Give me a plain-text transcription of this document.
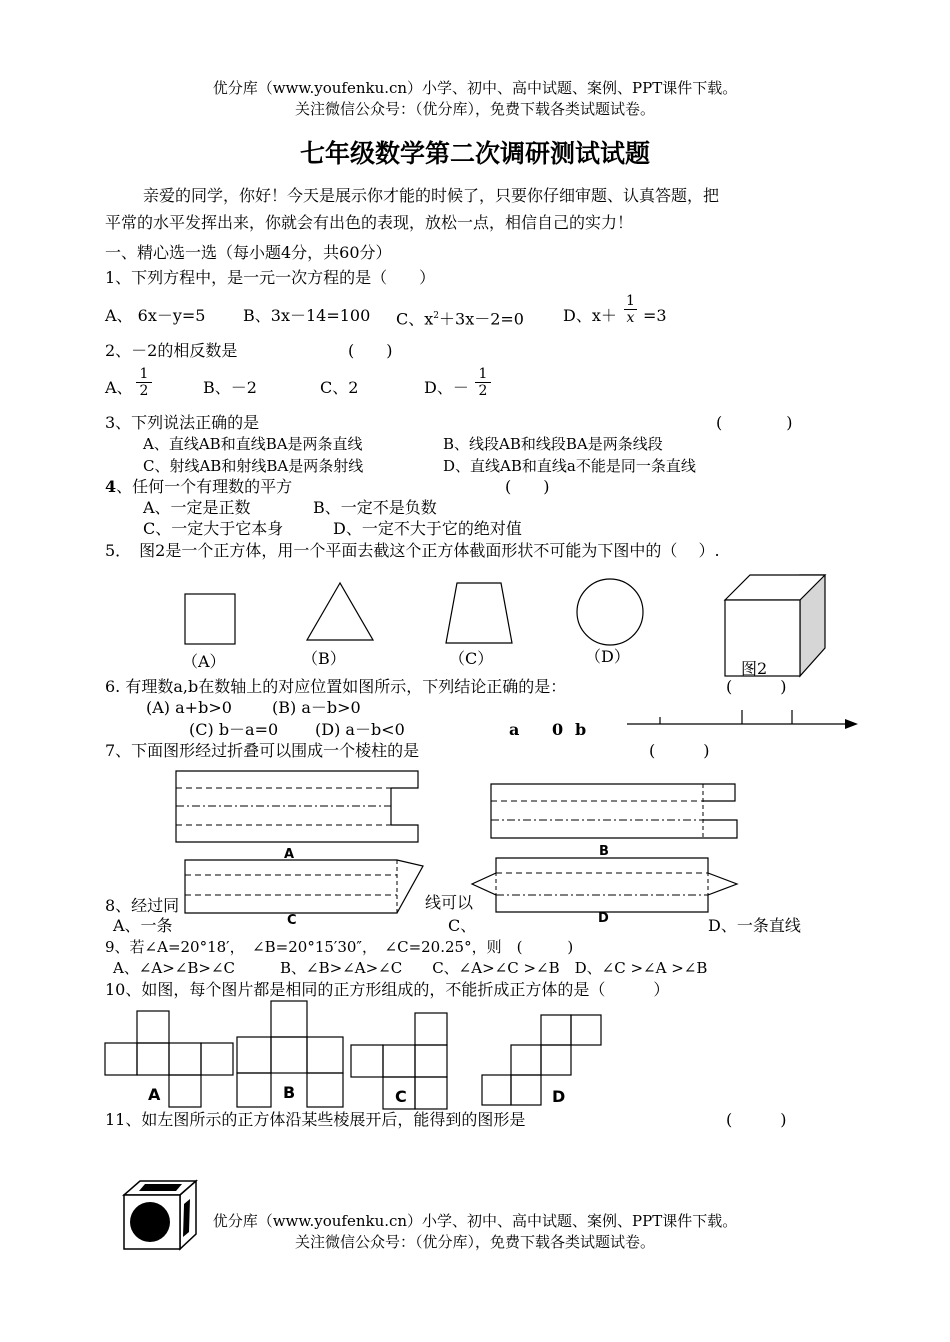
优分库（www.youfenku.cn）小学、初中、高中试题、案例、PPT课件下载。
关注微信公众号：（优分库），免费下载各类试题试卷。
七年级数学第二次调研测试试题
亲爱的同学，你好！今天是展示你才能的时候了，只要你仔细审题、认真答题，把
平常的水平发挥出来，你就会有出色的表现，放松一点，相信自己的实力！
一、精心选一选（每小题4分，共60分）
1、下列方程中，是一元一次方程的是（　　）
A、 6x－y=5 B、3x－14=100 C、$x^2+3x-2=0$ D、$x+ \frac{1}{x} =3$
2、－2的相反数是	(　　)
A、 $\frac{1}{2}$	B、－2	C、2	D、－ $\frac{1}{2}$
3、下列说法正确的是	(　　　　)
A、直线AB和直线BA是两条直线	B、线段AB和线段BA是两条线段
C、射线AB和射线BA是两条射线	D、直线AB和直线a不能是同一条直线
4、任何一个有理数的平方	(　　)
A、一定是正数	B、一定不是负数
C、一定大于它本身	D、一定不大于它的绝对值
5．　图2是一个正方体，用一个平面去截这个正方体截面形状不可能为下图中的（　 ）.
（A）	（B）	（C）	（D）
图2
6. 有理数a,b在数轴上的对应位置如图所示，下列结论正确的是：	(　　　)
(A) a+b>0	(B) a－b>0
(C) b－a=0 (D) a－b<0	a 0 b
7、下面图形经过折叠可以围成一个棱柱的是	(　　　)
A	B
8、经过同	线可以
A、一条	C、	D、一条直线
C	D
9、若∠A=20°18′，　∠B=20°15′30″，　∠C=20.25°，则　(　　　)
A、∠A>∠B>∠C　　　B、∠B>∠A>∠C　　C、∠A>∠C >∠B　D、∠C >∠A >∠B
10、如图，每个图片都是相同的正方形组成的，不能折成正方体的是（　　　）
A	B	C	D
11、如左图所示的正方体沿某些棱展开后，能得到的图形是	(　　　)
优分库（www.youfenku.cn）小学、初中、高中试题、案例、PPT课件下载。
关注微信公众号：（优分库），免费下载各类试题试卷。
